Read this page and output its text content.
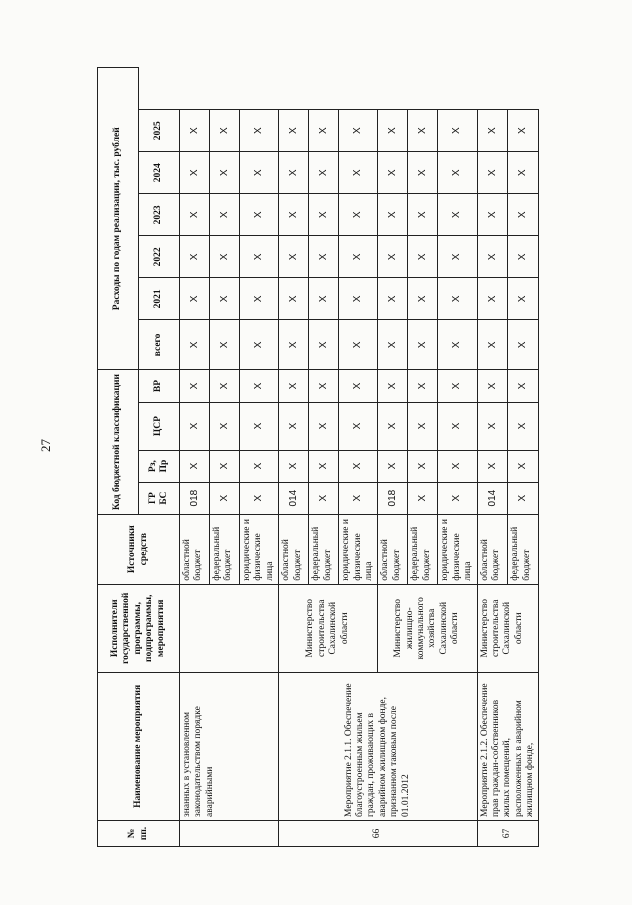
27
№ пп.	Наименование мероприятия	Исполнители государственной программы, подпрограммы, мероприятия	Источники средств	Код бюджетной классификации				Расходы по годам реализации, тыс. рублей					
				ГР БС	Рз, Пр	ЦСР	ВР	всего	2021	2022	2023	2024	2025
	знанных в установленном законодательством порядке аварийными		областной бюджет	018	X	X	X	X	X	X	X	X	X
			федеральный бюджет	X	X	X	X	X	X	X	X	X	X
			юридические и физические лица	X	X	X	X	X	X	X	X	X	X
66	Мероприятие 2.1.1. Обеспечение благоустроенным жильем граждан, проживающих в аварийном жилищном фонде, признанном таковым после 01.01.2012	Министерство строительства Сахалинской области	областной бюджет	014	X	X	X	X	X	X	X	X	X
			федеральный бюджет	X	X	X	X	X	X	X	X	X	X
			юридические и физические лица	X	X	X	X	X	X	X	X	X	X
		Министерство жилищно-коммунального хозяйства Сахалинской области	областной бюджет	018	X	X	X	X	X	X	X	X	X
			федеральный бюджет	X	X	X	X	X	X	X	X	X	X
			юридические и физические лица	X	X	X	X	X	X	X	X	X	X
67	Мероприятие 2.1.2. Обеспечение прав граждан-собственников жилых помещений, расположенных в аварийном жилищном фонде,	Министерство строительства Сахалинской области	областной бюджет	014	X	X	X	X	X	X	X	X	X
			федеральный бюджет	X	X	X	X	X	X	X	X	X	X
